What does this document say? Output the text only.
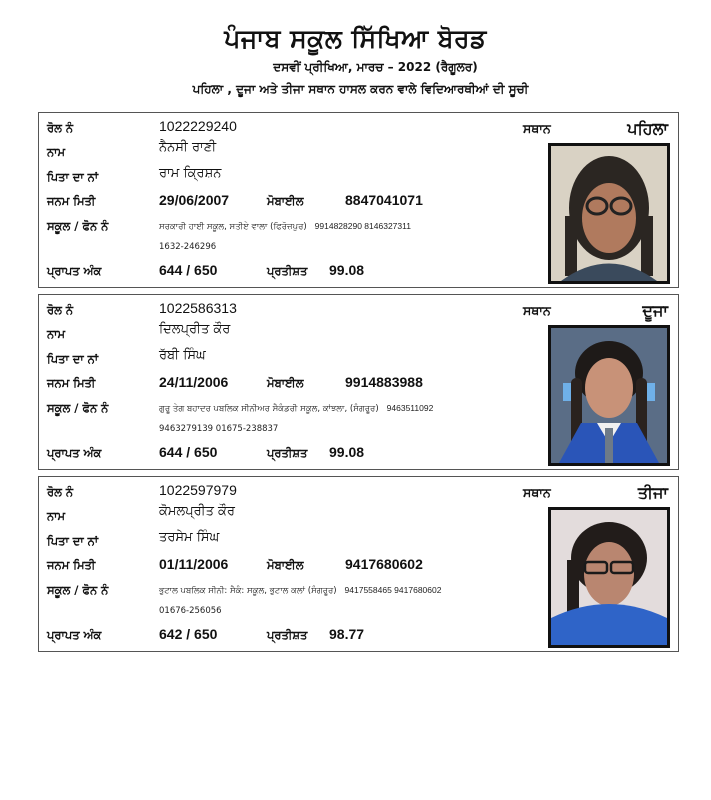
ਪੰਜਾਬ ਸਕੂਲ ਸਿੱਖਿਆ ਬੋਰਡ
ਦਸਵੀਂ ਪ੍ਰੀਖਿਆ, ਮਾਰਚ – 2022 (ਰੈਗੂਲਰ)
ਪਹਿਲਾ , ਦੂਜਾ ਅਤੇ ਤੀਜਾ ਸਥਾਨ ਹਾਸਲ ਕਰਨ ਵਾਲੇ ਵਿਦਿਆਰਥੀਆਂ ਦੀ ਸੂਚੀ
ਰੋਲ ਨੰ	1022229240
ਨਾਮ	ਨੈਨਸੀ ਰਾਣੀ
ਪਿਤਾ ਦਾ ਨਾਂ	ਰਾਮ ਕ੍ਰਿਸ਼ਨ
ਜਨਮ ਮਿਤੀ	29/06/2007	ਮੋਬਾਈਲ	8847041071
ਸਕੂਲ / ਫੋਨ ਨੰ	ਸਰਕਾਰੀ ਹਾਈ ਸਕੂਲ, ਸਤੀਏ ਵਾਲਾ (ਫਿਰੋਜ਼ਪੁਰ) 9914828290 8146327311
1632-246296
ਪ੍ਰਾਪਤ ਅੰਕ	644 / 650	ਪ੍ਰਤੀਸ਼ਤ 99.08
ਸਥਾਨ	ਪਹਿਲਾ
ਰੋਲ ਨੰ	1022586313
ਨਾਮ	ਦਿਲਪ੍ਰੀਤ ਕੌਰ
ਪਿਤਾ ਦਾ ਨਾਂ	ਰੱਬੀ ਸਿੰਘ
ਜਨਮ ਮਿਤੀ	24/11/2006	ਮੋਬਾਈਲ	9914883988
ਸਕੂਲ / ਫੋਨ ਨੰ	ਗੁਰੂ ਤੇਗ ਬਹਾਦਰ ਪਬਲਿਕ ਸੀਨੀਅਰ ਸੈਕੰਡਰੀ ਸਕੂਲ, ਕਾਂਝਲਾ, (ਸੰਗਰੂਰ) 9463511092
9463279139 01675-238837
ਪ੍ਰਾਪਤ ਅੰਕ	644 / 650	ਪ੍ਰਤੀਸ਼ਤ 99.08
ਸਥਾਨ	ਦੂਜਾ
ਰੋਲ ਨੰ	1022597979
ਨਾਮ	ਕੋਮਲਪ੍ਰੀਤ ਕੌਰ
ਪਿਤਾ ਦਾ ਨਾਂ	ਤਰਸੇਮ ਸਿੰਘ
ਜਨਮ ਮਿਤੀ	01/11/2006	ਮੋਬਾਈਲ	9417680602
ਸਕੂਲ / ਫੋਨ ਨੰ	ਭੁਟਾਲ ਪਬਲਿਕ ਸੀਨੀ: ਸੈਕੰ: ਸਕੂਲ, ਭੁਟਾਲ ਕਲਾਂ (ਸੰਗਰੂਰ) 9417558465 9417680602
01676-256056
ਪ੍ਰਾਪਤ ਅੰਕ	642 / 650	ਪ੍ਰਤੀਸ਼ਤ 98.77
ਸਥਾਨ	ਤੀਜਾ
